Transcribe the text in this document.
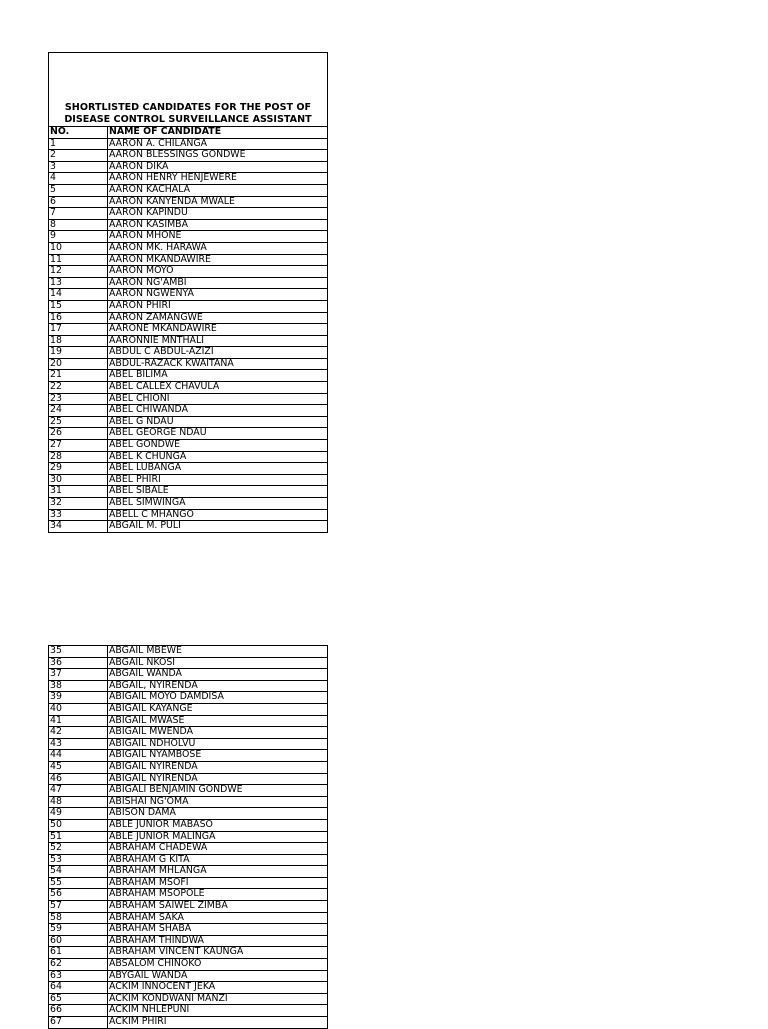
SHORTLISTED CANDIDATES FOR THE POST OF
DISEASE CONTROL SURVEILLANCE ASSISTANT	

NO.	NAME OF CANDIDATE
1	AARON A. CHILANGA
2	AARON BLESSINGS GONDWE
3	AARON DIKA
4	AARON HENRY HENJEWERE
5	AARON KACHALA
6	AARON KANYENDA MWALE
7	AARON KAPINDU
8	AARON KASIMBA
9	AARON MHONE
10	AARON MK. HARAWA
11	AARON MKANDAWIRE
12	AARON MOYO
13	AARON NG'AMBI
14	AARON NGWENYA
15	AARON PHIRI
16	AARON ZAMANGWE
17	AARONE MKANDAWIRE
18	AARONNIE MNTHALI
19	ABDUL C ABDUL-AZIZI
20	ABDUL-RAZACK KWAITANA
21	ABEL BILIMA
22	ABEL CALLEX CHAVULA
23	ABEL CHIONI
24	ABEL CHIWANDA
25	ABEL G NDAU
26	ABEL GEORGE NDAU
27	ABEL GONDWE
28	ABEL K CHUNGA
29	ABEL LUBANGA
30	ABEL PHIRI
31	ABEL SIBALE
32	ABEL SIMWINGA
33	ABELL C MHANGO
34	ABGAIL M. PULI
35	ABGAIL MBEWE
36	ABGAIL NKOSI
37	ABGAIL WANDA
38	ABGAIL, NYIRENDA
39	ABIGAIL MOYO DAMDISA
40	ABIGAIL KAYANGE
41	ABIGAIL MWASE
42	ABIGAIL MWENDA
43	ABIGAIL NDHOLVU
44	ABIGAIL NYAMBOSE
45	ABIGAIL NYIRENDA
46	ABIGAIL NYIRENDA
47	ABIGALI BENJAMIN GONDWE
48	ABISHAI NG'OMA
49	ABISON DAMA
50	ABLE JUNIOR MABASO
51	ABLE JUNIOR MALINGA
52	ABRAHAM CHADEWA
53	ABRAHAM G KITA
54	ABRAHAM MHLANGA
55	ABRAHAM MSOFI
56	ABRAHAM MSOPOLE
57	ABRAHAM SAIWEL ZIMBA
58	ABRAHAM SAKA
59	ABRAHAM SHABA
60	ABRAHAM THINDWA
61	ABRAHAM VINCENT KAUNGA
62	ABSALOM CHINOKO
63	ABYGAIL WANDA
64	ACKIM INNOCENT JEKA
65	ACKIM KONDWANI MANZI
66	ACKIM NHLEPUNI
67	ACKIM PHIRI
